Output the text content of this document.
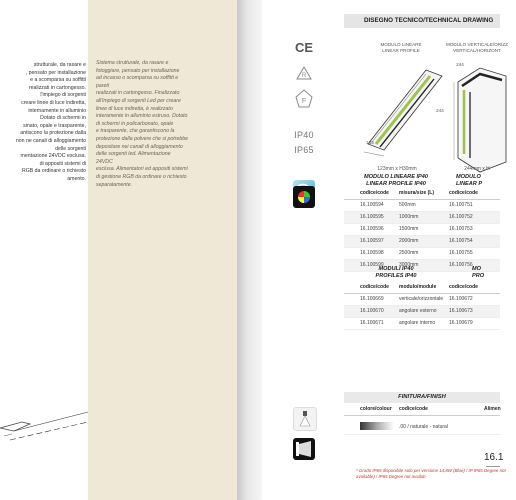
strutturale, da rasare e
, pensato per installazione
e a scomparsa su soffitti
realizzati in cartongesso.
l'impiego di sorgenti
creare linee di luce indiretta,
internamente in alluminio
Dotato di schermi in
sinato, opale e trasparente,
antiscono la protezione dalla
non ne canali di alloggiamento
delle sorgenti
mentazione 24VDC esclusa.
di appositi sistemi di
RGB da ordinare o richiesto
amento.
Sistema strutturale, da rasare e
fotoggiare, pensato per installazione
ad incasso o scomparsa su soffitti e pareti
realizzati in cartongesso. Finalizzato
all'impiego di sorgenti Led per creare
linee di luce indiretta, è realizzato
interamente in alluminio estruso. Dotato
di schermi in policarbonato, opale
e trasparente, che garantiscono la
protezione dalla polvere che si potrebbe
depositare nei canali di alloggiamento
delle sorgenti led. Alimentazione 24VDC
esclusa. Alimentatori ed appositi sistemi
di gestione RGB da ordinare o richiesto
separatamente.
CE
R
F
IP40
IP65
DISEGNO TECNICO/TECHNICAL DRAWING
MODULO LINEARE
LINEAR PROFILE
MODULO VERTICALE/ORIZZ
VERTICAL/HORIZONT
244
244
135
123mm x H30mm	244mm x H
MODULO LINEARE IP40
LINEAR PROFILE IP40
MODULO
LINEAR P
codice/code misura/size (L)	codice/code
16.100594	500mm	16.100751
16.100595	1000mm	16.100752
16.100596	1500mm	16.100753
16.100597	2000mm	16.100754
16.100598	2500mm	16.100755
16.100599	3000mm	16.100756
MODULI IP40
PROFILES IP40
MO
PRO
codice/code modulo/module	codice/code
16.100669	verticale/orizzontale 16.100672
16.100670	angolare esterno 16.100673
16.100671	angolare interno	16.100679
FINITURA/FINISH
colore/colour codice/code	Alimen
.00 / naturale - natural
16.1
* Grado IP65 disponibile solo per versione 14,8W (Blue) / IP IP65 Degree not available) / IP65 Degree not availab
